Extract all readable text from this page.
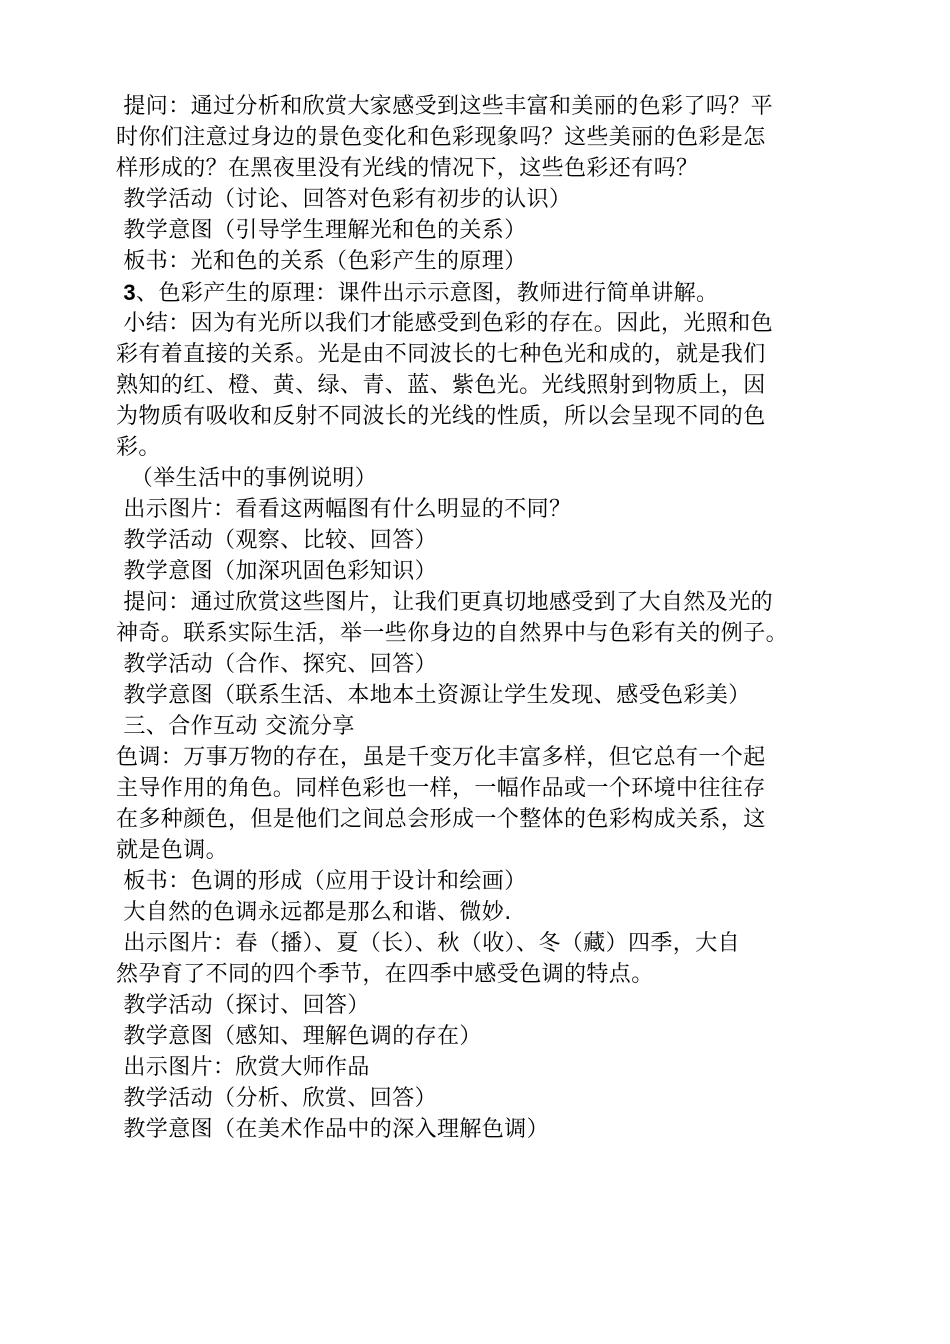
提问：通过分析和欣赏大家感受到这些丰富和美丽的色彩了吗？平

时你们注意过身边的景色变化和色彩现象吗？这些美丽的色彩是怎

样形成的？在黑夜里没有光线的情况下，这些色彩还有吗？

教学活动（讨论、回答对色彩有初步的认识）

教学意图（引导学生理解光和色的关系）

板书：光和色的关系（色彩产生的原理）

3、色彩产生的原理：课件出示示意图，教师进行简单讲解。

小结：因为有光所以我们才能感受到色彩的存在。因此，光照和色

彩有着直接的关系。光是由不同波长的七种色光和成的，就是我们

熟知的红、橙、黄、绿、青、蓝、紫色光。光线照射到物质上，因

为物质有吸收和反射不同波长的光线的性质，所以会呈现不同的色

彩。

（举生活中的事例说明）

出示图片：看看这两幅图有什么明显的不同？

教学活动（观察、比较、回答）

教学意图（加深巩固色彩知识）

提问：通过欣赏这些图片，让我们更真切地感受到了大自然及光的

神奇。联系实际生活，举一些你身边的自然界中与色彩有关的例子。

教学活动（合作、探究、回答）

教学意图（联系生活、本地本土资源让学生发现、感受色彩美）

三、合作互动 交流分享

色调：万事万物的存在，虽是千变万化丰富多样，但它总有一个起

主导作用的角色。同样色彩也一样，一幅作品或一个环境中往往存

在多种颜色，但是他们之间总会形成一个整体的色彩构成关系，这

就是色调。

板书：色调的形成（应用于设计和绘画）

大自然的色调永远都是那么和谐、微妙.

出示图片：春（播）、夏（长）、秋（收）、冬（藏）四季，大自

然孕育了不同的四个季节，在四季中感受色调的特点。

教学活动（探讨、回答）

教学意图（感知、理解色调的存在）

出示图片：欣赏大师作品

教学活动（分析、欣赏、回答）

教学意图（在美术作品中的深入理解色调）
